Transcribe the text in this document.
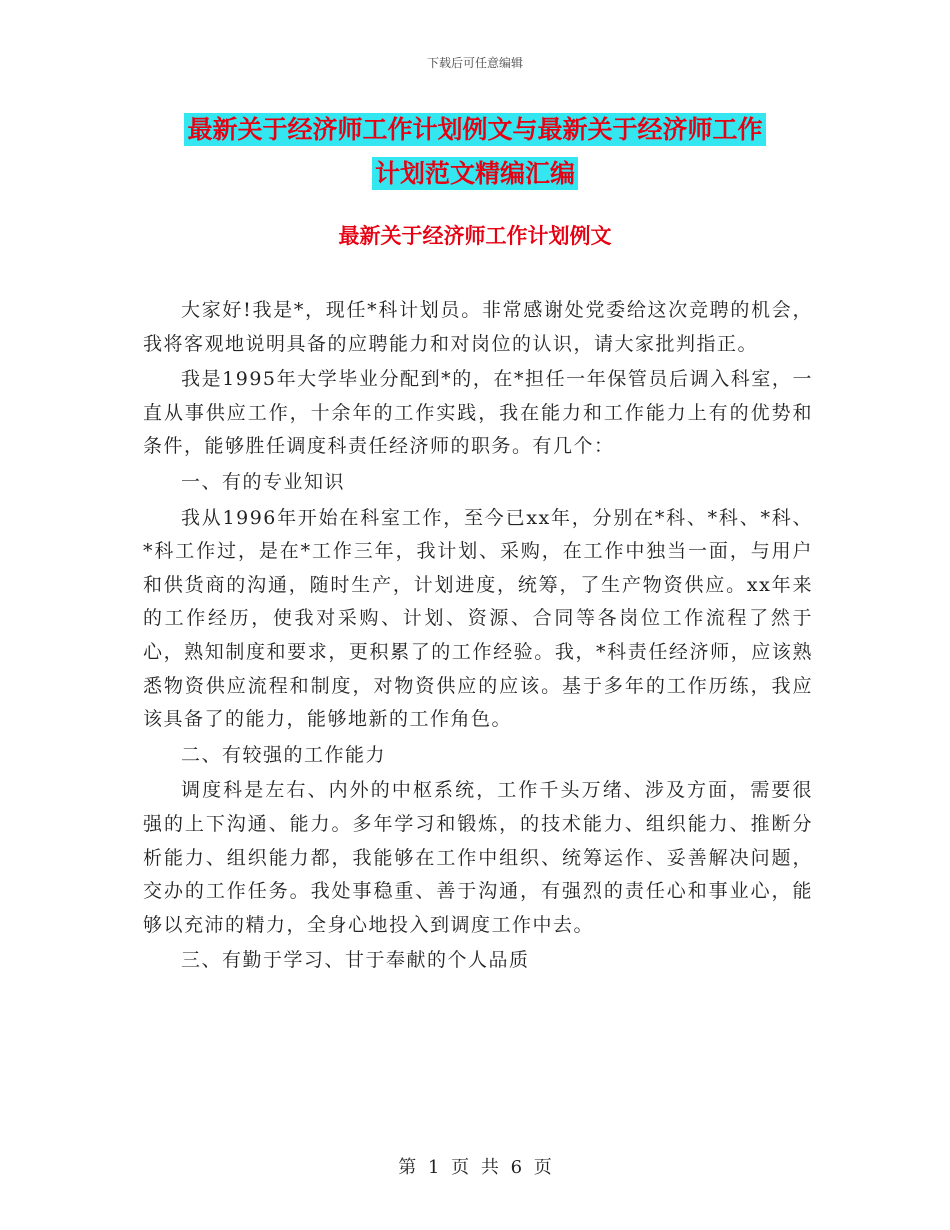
下载后可任意编辑
最新关于经济师工作计划例文与最新关于经济师工作
计划范文精编汇编
最新关于经济师工作计划例文

大家好!我是*，现任*科计划员。非常感谢处党委给这次竞聘的机会，我将客观地说明具备的应聘能力和对岗位的认识，请大家批判指正。

我是1995年大学毕业分配到*的，在*担任一年保管员后调入科室，一直从事供应工作，十余年的工作实践，我在能力和工作能力上有的优势和条件，能够胜任调度科责任经济师的职务。有几个：

一、有的专业知识

我从1996年开始在科室工作，至今已xx年，分别在*科、*科、*科、*科工作过，是在*工作三年，我计划、采购，在工作中独当一面，与用户和供货商的沟通，随时生产，计划进度，统筹，了生产物资供应。xx年来的工作经历，使我对采购、计划、资源、合同等各岗位工作流程了然于心，熟知制度和要求，更积累了的工作经验。我，*科责任经济师，应该熟悉物资供应流程和制度，对物资供应的应该。基于多年的工作历练，我应该具备了的能力，能够地新的工作角色。

二、有较强的工作能力

调度科是左右、内外的中枢系统，工作千头万绪、涉及方面，需要很强的上下沟通、能力。多年学习和锻炼，的技术能力、组织能力、推断分析能力、组织能力都，我能够在工作中组织、统筹运作、妥善解决问题，交办的工作任务。我处事稳重、善于沟通，有强烈的责任心和事业心，能够以充沛的精力，全身心地投入到调度工作中去。

三、有勤于学习、甘于奉献的个人品质

第 1 页 共 6 页
